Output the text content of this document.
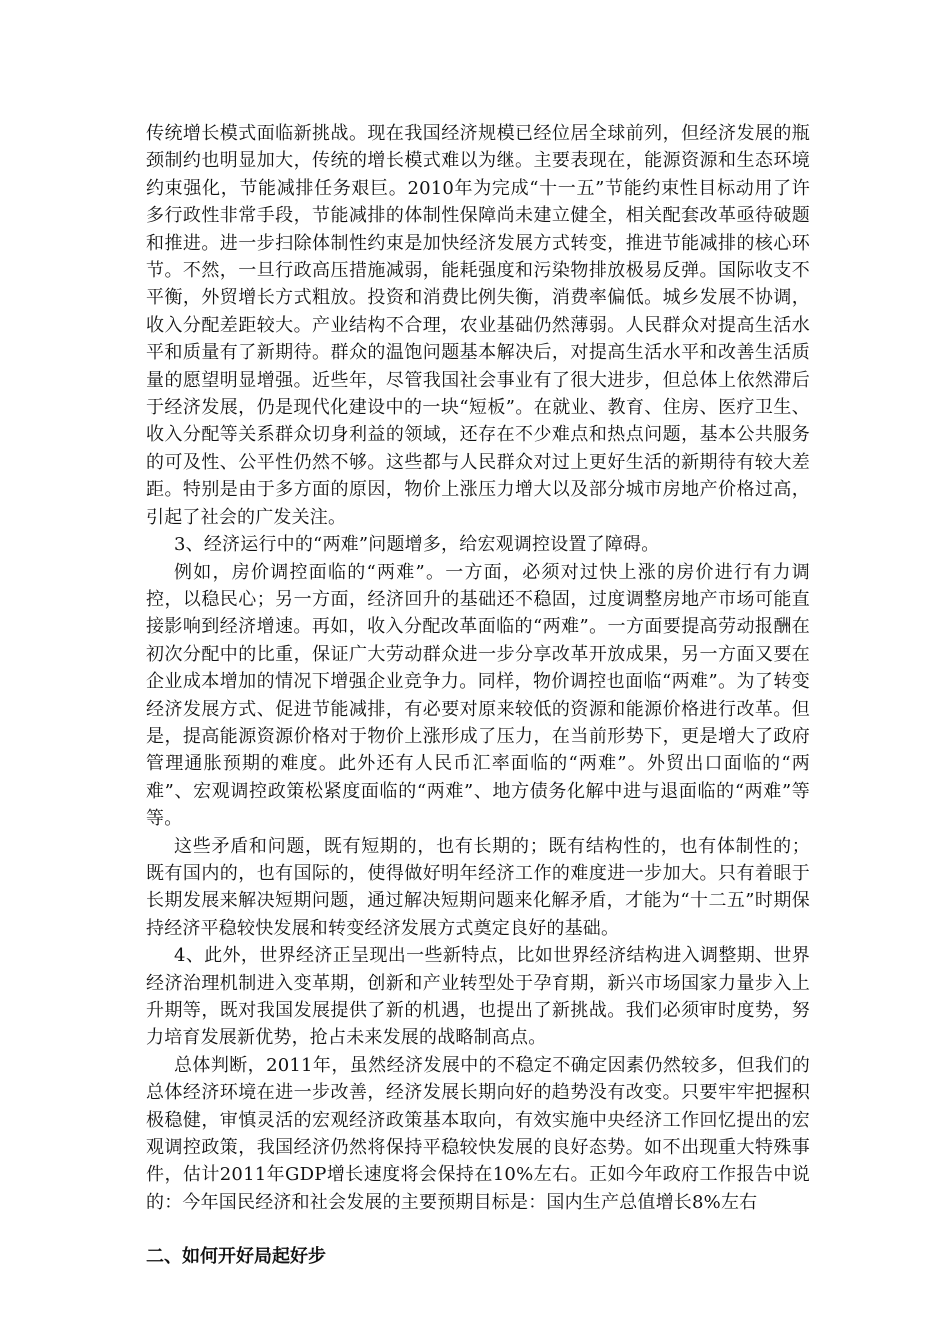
传统增长模式面临新挑战。现在我国经济规模已经位居全球前列，但经济发展的瓶颈制约也明显加大，传统的增长模式难以为继。主要表现在，能源资源和生态环境约束强化，节能减排任务艰巨。2010年为完成“十一五”节能约束性目标动用了许多行政性非常手段，节能减排的体制性保障尚未建立健全，相关配套改革亟待破题和推进。进一步扫除体制性约束是加快经济发展方式转变，推进节能减排的核心环节。不然，一旦行政高压措施减弱，能耗强度和污染物排放极易反弹。国际收支不平衡，外贸增长方式粗放。投资和消费比例失衡，消费率偏低。城乡发展不协调，收入分配差距较大。产业结构不合理，农业基础仍然薄弱。人民群众对提高生活水平和质量有了新期待。群众的温饱问题基本解决后，对提高生活水平和改善生活质量的愿望明显增强。近些年，尽管我国社会事业有了很大进步，但总体上依然滞后于经济发展，仍是现代化建设中的一块“短板”。在就业、教育、住房、医疗卫生、收入分配等关系群众切身利益的领域，还存在不少难点和热点问题，基本公共服务的可及性、公平性仍然不够。这些都与人民群众对过上更好生活的新期待有较大差距。特别是由于多方面的原因，物价上涨压力增大以及部分城市房地产价格过高，引起了社会的广发关注。

3、经济运行中的“两难”问题增多，给宏观调控设置了障碍。

例如，房价调控面临的“两难”。一方面，必须对过快上涨的房价进行有力调控，以稳民心；另一方面，经济回升的基础还不稳固，过度调整房地产市场可能直接影响到经济增速。再如，收入分配改革面临的“两难”。一方面要提高劳动报酬在初次分配中的比重，保证广大劳动群众进一步分享改革开放成果，另一方面又要在企业成本增加的情况下增强企业竞争力。同样，物价调控也面临“两难”。为了转变经济发展方式、促进节能减排，有必要对原来较低的资源和能源价格进行改革。但是，提高能源资源价格对于物价上涨形成了压力，在当前形势下，更是增大了政府管理通胀预期的难度。此外还有人民币汇率面临的“两难”。外贸出口面临的“两难”、宏观调控政策松紧度面临的“两难”、地方债务化解中进与退面临的“两难”等等。

这些矛盾和问题，既有短期的，也有长期的；既有结构性的，也有体制性的；既有国内的，也有国际的，使得做好明年经济工作的难度进一步加大。只有着眼于长期发展来解决短期问题，通过解决短期问题来化解矛盾，才能为“十二五”时期保持经济平稳较快发展和转变经济发展方式奠定良好的基础。

4、此外，世界经济正呈现出一些新特点，比如世界经济结构进入调整期、世界经济治理机制进入变革期，创新和产业转型处于孕育期，新兴市场国家力量步入上升期等，既对我国发展提供了新的机遇，也提出了新挑战。我们必须审时度势，努力培育发展新优势，抢占未来发展的战略制高点。

总体判断，2011年，虽然经济发展中的不稳定不确定因素仍然较多，但我们的总体经济环境在进一步改善，经济发展长期向好的趋势没有改变。只要牢牢把握积极稳健，审慎灵活的宏观经济政策基本取向，有效实施中央经济工作回忆提出的宏观调控政策，我国经济仍然将保持平稳较快发展的良好态势。如不出现重大特殊事件，估计2011年GDP增长速度将会保持在10%左右。正如今年政府工作报告中说的：今年国民经济和社会发展的主要预期目标是：国内生产总值增长8%左右

二、如何开好局起好步
